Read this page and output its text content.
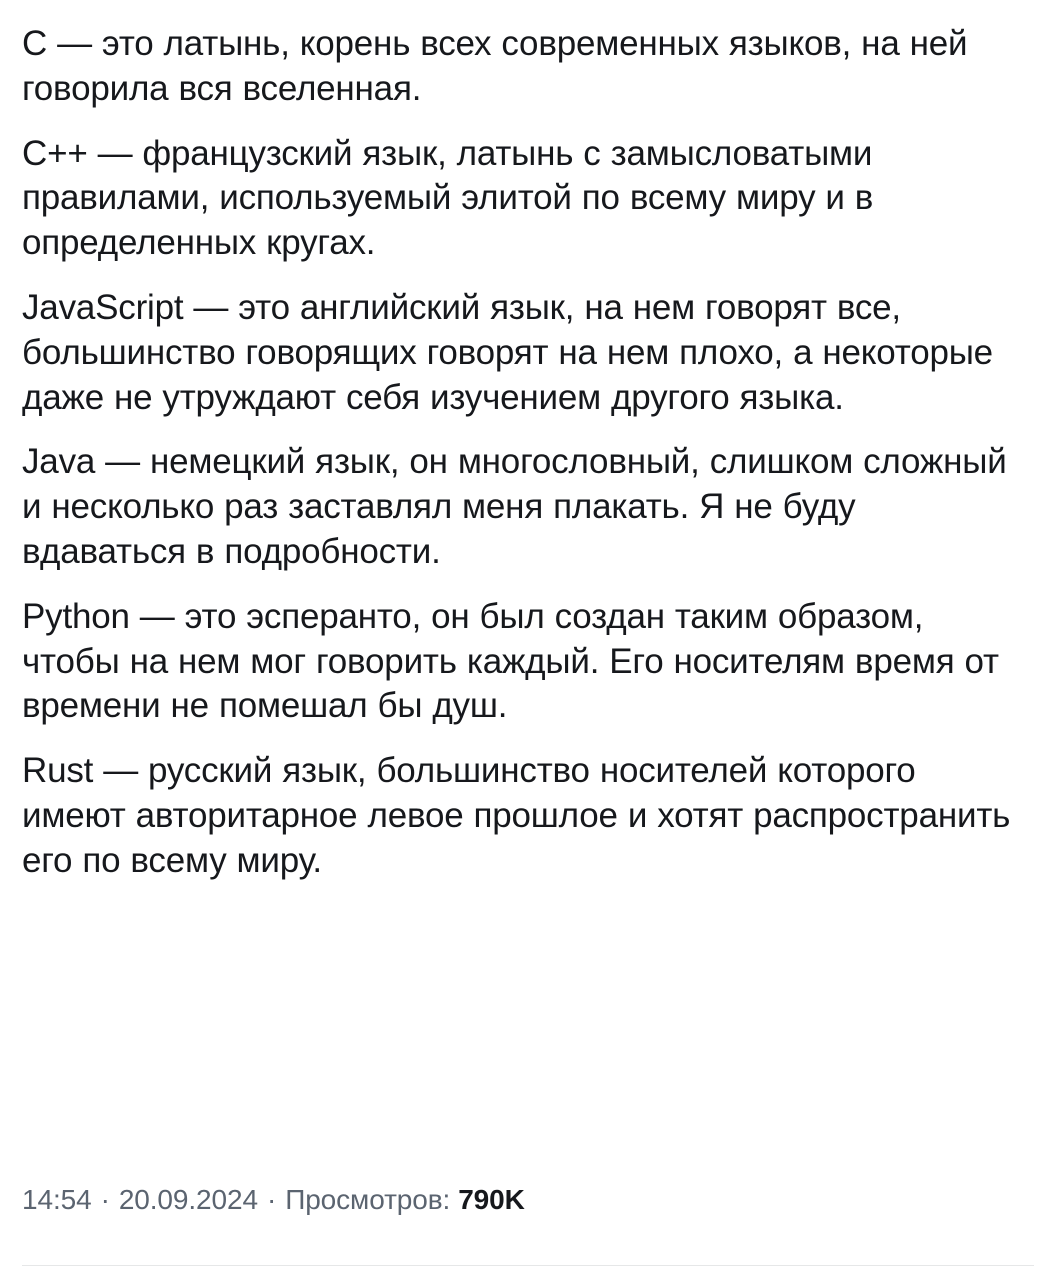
C — это латынь, корень всех современных языков, на ней говорила вся вселенная.

C++ — французский язык, латынь с замысловатыми правилами, используемый элитой по всему миру и в определенных кругах.

JavaScript — это английский язык, на нем говорят все, большинство говорящих говорят на нем плохо, а некоторые даже не утруждают себя изучением другого языка.

Java — немецкий язык, он многословный, слишком сложный и несколько раз заставлял меня плакать. Я не буду вдаваться в подробности.

Python — это эсперанто, он был создан таким образом, чтобы на нем мог говорить каждый. Его носителям время от времени не помешал бы душ.

Rust — русский язык, большинство носителей которого имеют авторитарное левое прошлое и хотят распространить его по всему миру.

14:54 · 20.09.2024 · Просмотров: 790K
